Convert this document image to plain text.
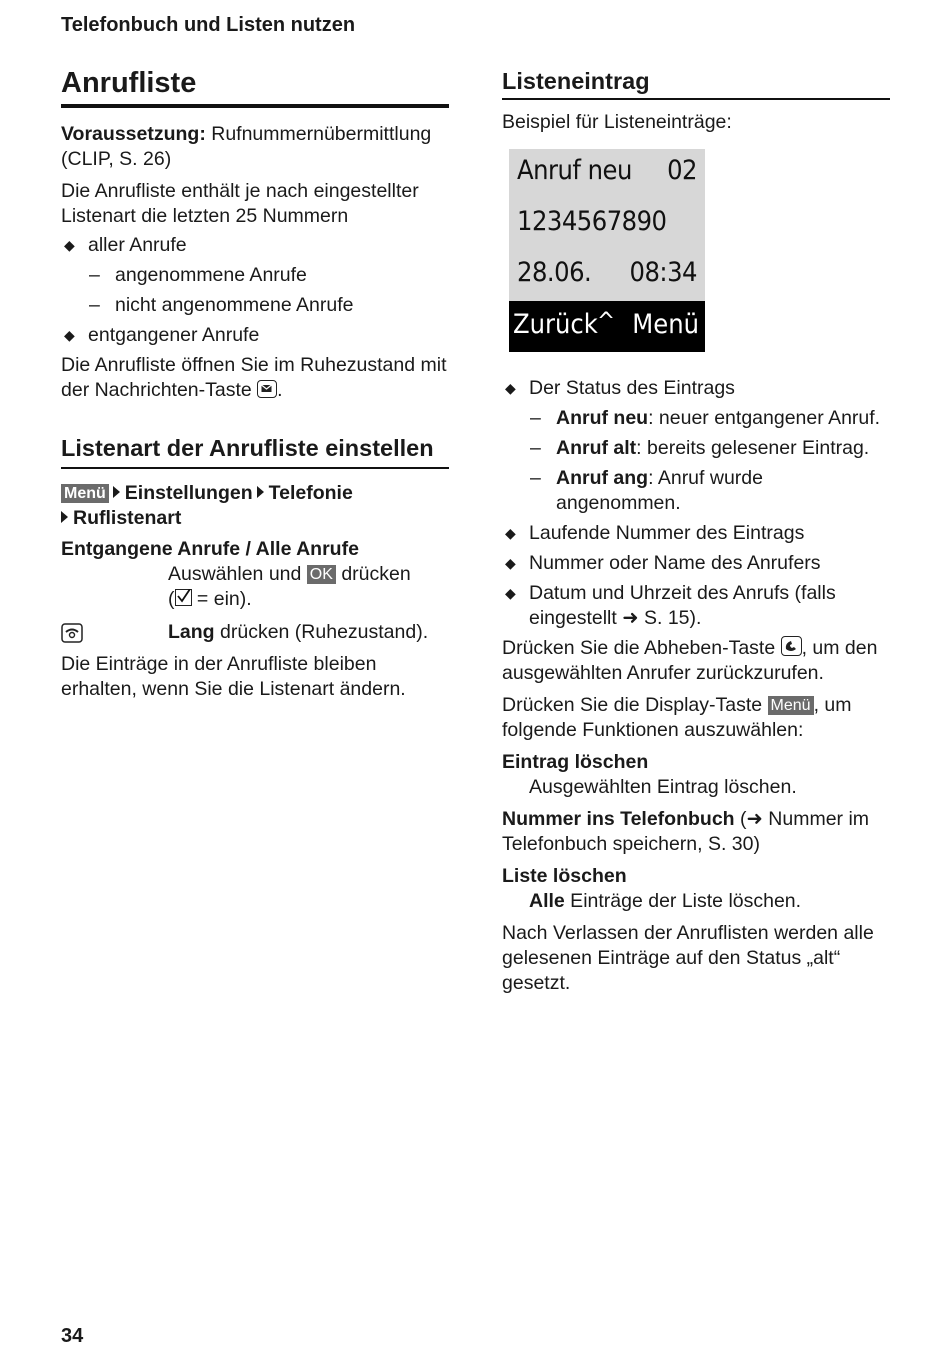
Telefonbuch und Listen nutzen
Anrufliste

Voraussetzung: Rufnummernübermittlung (CLIP, S. 26)

Die Anrufliste enthält je nach eingestellter Listenart die letzten 25 Nummern

◆ aller Anrufe
– angenommene Anrufe
– nicht angenommene Anrufe
◆ entgangener Anrufe

Die Anrufliste öffnen Sie im Ruhezustand mit der Nachrichten-Taste
.

Listenart der Anrufliste einstellen

Menü Einstellungen Telefonie
Ruflistenart

Entgangene Anrufe / Alle Anrufe

Auswählen und OK drücken
(
= ein).

Lang drücken (Ruhezustand).

Die Einträge in der Anrufliste bleiben erhalten, wenn Sie die Listenart ändern.

Listeneintrag

Beispiel für Listeneinträge:

Anruf neu 02
1234567890
28.06. 08:34
Zurück ^ Menü
◆ Der Status des Eintrags
– Anruf neu: neuer entgangener Anruf.
– Anruf alt: bereits gelesener Eintrag.
– Anruf ang: Anruf wurde angenommen.
◆ Laufende Nummer des Eintrags
◆ Nummer oder Name des Anrufers
◆ Datum und Uhrzeit des Anrufs (falls eingestellt ➜ S. 15).

Drücken Sie die Abheben-Taste
, um den ausgewählten Anrufer zurückzurufen.

Drücken Sie die Display-Taste Menü , um folgende Funktionen auszuwählen:

Eintrag löschen

Ausgewählten Eintrag löschen.

Nummer ins Telefonbuch (➜ Nummer im Telefonbuch speichern, S. 30)

Liste löschen

Alle Einträge der Liste löschen.

Nach Verlassen der Anruflisten werden alle gelesenen Einträge auf den Status „alt“ gesetzt.

34
